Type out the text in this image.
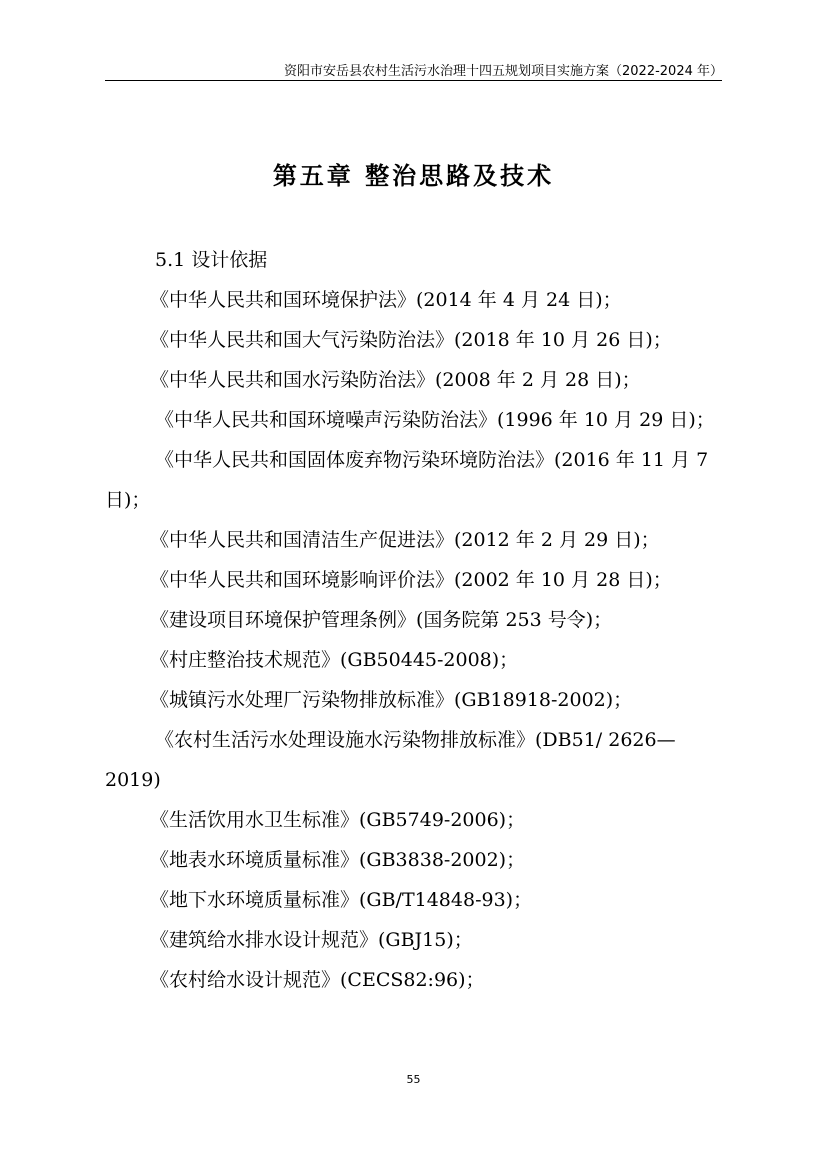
资阳市安岳县农村生活污水治理十四五规划项目实施方案（2022-2024 年）
第五章 整治思路及技术

5.1 设计依据

《中华人民共和国环境保护法》(2014 年 4 月 24 日)；

《中华人民共和国大气污染防治法》(2018 年 10 月 26 日)；

《中华人民共和国水污染防治法》(2008 年 2 月 28 日)；

《中华人民共和国环境噪声污染防治法》(1996 年 10 月 29 日)；

《中华人民共和国固体废弃物污染环境防治法》(2016 年 11 月 7 日)；

《中华人民共和国清洁生产促进法》(2012 年 2 月 29 日)；

《中华人民共和国环境影响评价法》(2002 年 10 月 28 日)；

《建设项目环境保护管理条例》(国务院第 253 号令)；

《村庄整治技术规范》(GB50445-2008)；

《城镇污水处理厂污染物排放标准》(GB18918-2002)；

《农村生活污水处理设施水污染物排放标准》(DB51/ 2626—2019)

《生活饮用水卫生标准》(GB5749-2006)；

《地表水环境质量标准》(GB3838-2002)；

《地下水环境质量标准》(GB/T14848-93)；

《建筑给水排水设计规范》(GBJ15)；

《农村给水设计规范》(CECS82:96)；

55
